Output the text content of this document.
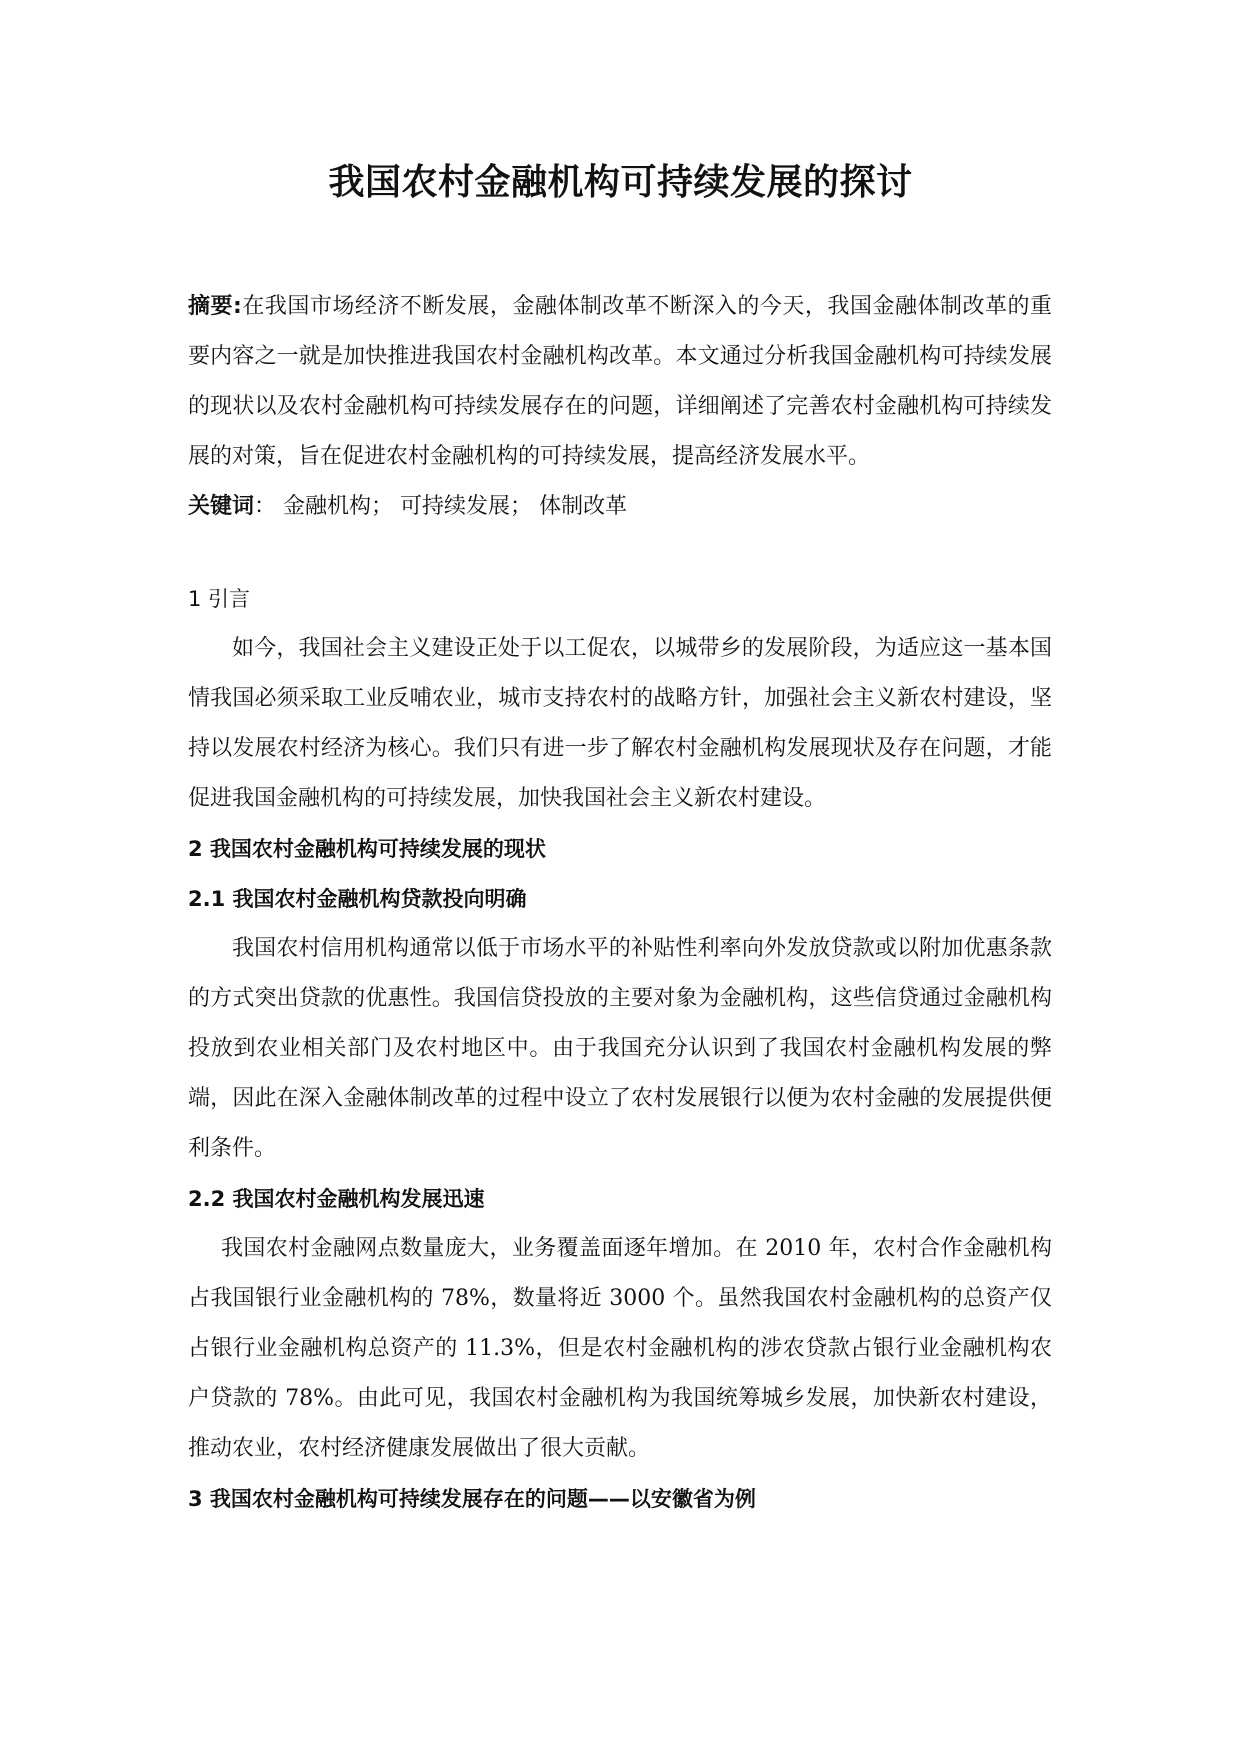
我国农村金融机构可持续发展的探讨

摘要:在我国市场经济不断发展，金融体制改革不断深入的今天，我国金融体制改革的重要内容之一就是加快推进我国农村金融机构改革。本文通过分析我国金融机构可持续发展的现状以及农村金融机构可持续发展存在的问题，详细阐述了完善农村金融机构可持续发展的对策，旨在促进农村金融机构的可持续发展，提高经济发展水平。

关键词： 金融机构； 可持续发展； 体制改革

1 引言

如今，我国社会主义建设正处于以工促农，以城带乡的发展阶段，为适应这一基本国情我国必须采取工业反哺农业，城市支持农村的战略方针，加强社会主义新农村建设，坚持以发展农村经济为核心。我们只有进一步了解农村金融机构发展现状及存在问题，才能促进我国金融机构的可持续发展，加快我国社会主义新农村建设。

2 我国农村金融机构可持续发展的现状

2.1 我国农村金融机构贷款投向明确

我国农村信用机构通常以低于市场水平的补贴性利率向外发放贷款或以附加优惠条款的方式突出贷款的优惠性。我国信贷投放的主要对象为金融机构，这些信贷通过金融机构投放到农业相关部门及农村地区中。由于我国充分认识到了我国农村金融机构发展的弊端，因此在深入金融体制改革的过程中设立了农村发展银行以便为农村金融的发展提供便利条件。

2.2 我国农村金融机构发展迅速

我国农村金融网点数量庞大，业务覆盖面逐年增加。在 2010 年，农村合作金融机构占我国银行业金融机构的 78%，数量将近 3000 个。虽然我国农村金融机构的总资产仅占银行业金融机构总资产的 11.3%，但是农村金融机构的涉农贷款占银行业金融机构农户贷款的 78%。由此可见，我国农村金融机构为我国统筹城乡发展，加快新农村建设，推动农业，农村经济健康发展做出了很大贡献。

3 我国农村金融机构可持续发展存在的问题——以安徽省为例
